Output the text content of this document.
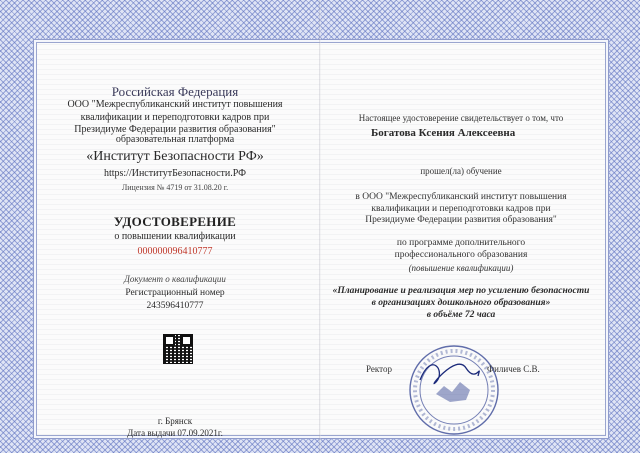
Российская Федерация
ООО "Межреспубликанский институт повышения
квалификации и переподготовки кадров при
Президиуме Федерации развития образования"
образовательная платформа
«Институт Безопасности РФ»
https://ИнститутБезопасности.РФ
Лицензия № 4719 от 31.08.20 г.
УДОСТОВЕРЕНИЕ
о повышении квалификации
000000096410777
Документ о квалификации
Регистрационный номер
243596410777
г. Брянск
Дата выдачи 07.09.2021г.
Настоящее удостоверение свидетельствует о том, что
Богатова Ксения Алексеевна
прошел(ла) обучение
в ООО "Межреспубликанский институт повышения
квалификации и переподготовки кадров при
Президиуме Федерации развития образования"
по программе дополнительного
профессионального образования
(повышение квалификации)
«Планирование и реализация мер по усилению безопасности
в организациях дошкольного образования»
в объёме 72 часа
Ректор	Филичев С.В.
